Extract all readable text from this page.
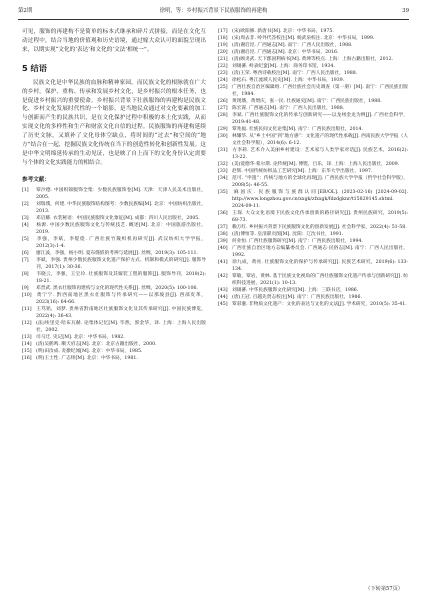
第2期	徐明，等：乡村振兴背景下民族服饰的再建构	39

可见，服饰的再建构不是简单的标本式继承和碎片式拼接，而是在文化互动过程中，结合当地的价值观和历史语境，通过嫁大众认可的面貌呈现出来，以期实现“文化的‘表达’和文化的‘文法’相统一”。

5 结语

民族文化是中华民族的血脉和精神家园，而民族文化的根脉就在广大的乡村。保护、重构、传承和发展乡村文化，是乡村振兴的根本任务，也是促进乡村振兴的重要使命。乡村振兴背景下壮族服饰的再建构是民族文化、乡村文化发展时代性的一个缩影，是当地民众通过对文化要素的加工与创新而产生的民族共识，是在文化保护过程中积极的本土化实践，从而实现文化的多样性和生产和财富文化自信的过程。民族服饰的再建构延续了历史文脉，又填补了文化母体空缺点，将时间的“过去”和空间的“地方”结合在一起，挖掘民族文化传统在当下的创造性转化和创新性发展。这是中华文明绵延传承的生动见证，也是映了自上而下的文化身份认定需要与个体的文化实践能力的相结合。

参考文献：

[1] 覃沙德. 中国织锦服饰全集：少数民族服饰卷[M]. 天津：天津人民美术出版社，2005.

[2] 刘瑞璞，何建. 中华民族服饰结构图考：少数民族编[M]. 北京：中国纺织出版社，2013.

[3] 邓启耀. 衣装秘语：中国民族服饰文化象征[M]. 成都：四川人民出版社，2005.

[4] 杨源. 中国少数民族服饰文化与传统技艺. 概述[M]. 北京：中国旅游出版社，2019.

[5] 李强，李斌，李缇缇. 广西壮族竹篾织机再研究[J]. 武汉纺织大学学报，2012(3):1-4.

[6] 廖江波，李强，杨小明. 夏布缝嵌的考辨与延展[J]. 丝绸，2019(3): 105-111.

[7] 李斌，李强. 贵州少数民族服饰文化遗产保护方式、机制和模式的研究[J]. 服饰导刊，2017(1): 30-36.

[8] 韦晓云，李强，王宝玲. 壮族服饰及其嫁装工程的服饰[J]. 服饰导刊，2018(2): 18-21.

[9] 邓晋武. 黑衣壮服饰再建构与文化的现代性关系[J]. 丝绸，2020(5): 100-106.

[10] 黄宁宁. 黔西南地区黑衣壮服饰与传承研究——以那坡县[J]. 西部皮革，2023(16): 64-66.

[11] 王笃铭，刘梦. 贵州省黔南地区壮族服饰文化及其传承研究[J]. 中国民族博览，2022(4): 36-43.

[12] (法)埃里克·哈布瓦赫. 论集体记忆[M]. 毕然，郭金华，译. 上海：上海人民出版社，2002.

[13] 司马迁. 史记[M]. 北京：中华书局，1982.

[14] (清)吴鹤鸣. 顺天府志[M]. 北京：北京古籍出版社，2000.

[15] (明)田汝成. 炎徼纪闻[M]. 北京：中华书局，1985.

[16] (明)王士性. 广志绎[M]. 北京：中华书局，1981.

[17] (宋)欧阳修. 新唐书[M]. 北京：中华书局，1975.

[18] (宋)周去非. 岭外代答校注[M]. 杨武泉校注. 北京：中华书局，1999.

[19] (清)谢启昆. 广西通志[M]. 南宁：广西人民出版社，1988.

[20] (清)谢启昆. 广西通志[M]. 北京：中华书局，2016.

[21] (清)顾炎武. 天下郡国利病书[M]. 黄珅等校点. 上海：上海古籍出版社，2012.

[22] 刘锡蕃. 岭表纪蛮[M]. 上海：商务印书馆，1934.

[23] (清)王荣. 粤西诗载校注[M]. 南宁：广西人民出版社，1988.

[24] 徐松石. 粤江流域人民史[M]. 上海：中华书局，1939.

[25] 广西壮族自治区编辑组. 广西壮族社会历史调查（第一册）[M]. 南宁：广西民族出版社，1984.

[26] 黄现璠，黄增庆，张一民. 壮族通史[M]. 南宁：广西民族出版社，1988.

[27] 陈宏谋. 广西通志[M]. 南宁：广西人民出版社，1988.

[28] 李斌. 广西壮族服饰文化的传承与创新研究——以龙州金龙为例[J]. 广西社会科学，2019:41-48.

[29] 覃兆福. 壮族民间文化论集[M]. 南宁：广西民族出版社，2014.

[30] 林耀华. 从“乡土中国”到“地方感”：文化遗产的现代性承载[J]. 西南民族大学学报（人文社会科学版），2014(6): 6-12.

[31] 方李莉. 艺术介入美丽乡村建设：艺术家与人类学家对话[J]. 民族艺术，2016(2): 13-22.

[32] (美)爱德华·希尔斯. 论传统[M]. 傅铿，吕乐，译. 上海：上海人民出版社，2009.

[33] 赵辉. 中国传统纺织品工艺研究[M]. 上海：东华大学出版社，1997.

[34] 范可. “申遗”：传统与地方的全球化再现[J]. 广西民族大学学报（哲学社会科学版），2008(5): 46-55.

[35] 麻国庆. 民族服饰与族群认同[EB/OL]. (2023-02-16) [2024-09-02]. http://www.longzhou.gov.cn/xxgk/zfxxgk/fdzdgknr/t15829145.shtml. 2024-09-11.

[36] 王琛. 大众文化语境下民族文化传承创新的路径研究[J]. 贵州民族研究，2019(5): 68-73.

[37] 赖万红. 乡村振兴背景下民族服饰文化的创新发展[J]. 社会科学家，2022(4): 51-58.

[38] (清)傅恒等. 皇清职贡图[M]. 沈阳：辽沈书社，1991.

[39] 何业恒. 广西壮族服饰研究[M]. 南宁：广西民族出版社，1994.

[40] 广西壮族自治区地方志编纂委员会. 广西通志·民俗志[M]. 南宁：广西人民出版社，1992.

[41] 徐九成，黄亮. 壮族服饰文化的保护与传承研究[J]. 民族艺术研究，2019(6): 133-134.

[42] 覃敏，覃岩，黄林. 基于民族文化视角的广西壮族服饰文化遗产传承与创新研究[J]. 纺织科技进展，2021(1): 10-13.

[43] 刘锡蕃. 中华民族服饰文化研究[M]. 上海：三联书店，1986.

[44] (唐)王冠. 百越先贤志校注[M]. 南宁：广西民族出版社，1986.

[45] 覃彩銮. 非物质文化遗产：文化的表达与文化的文法[J]. 学术研究，2010(5): 35-41.

（下转第57页）
